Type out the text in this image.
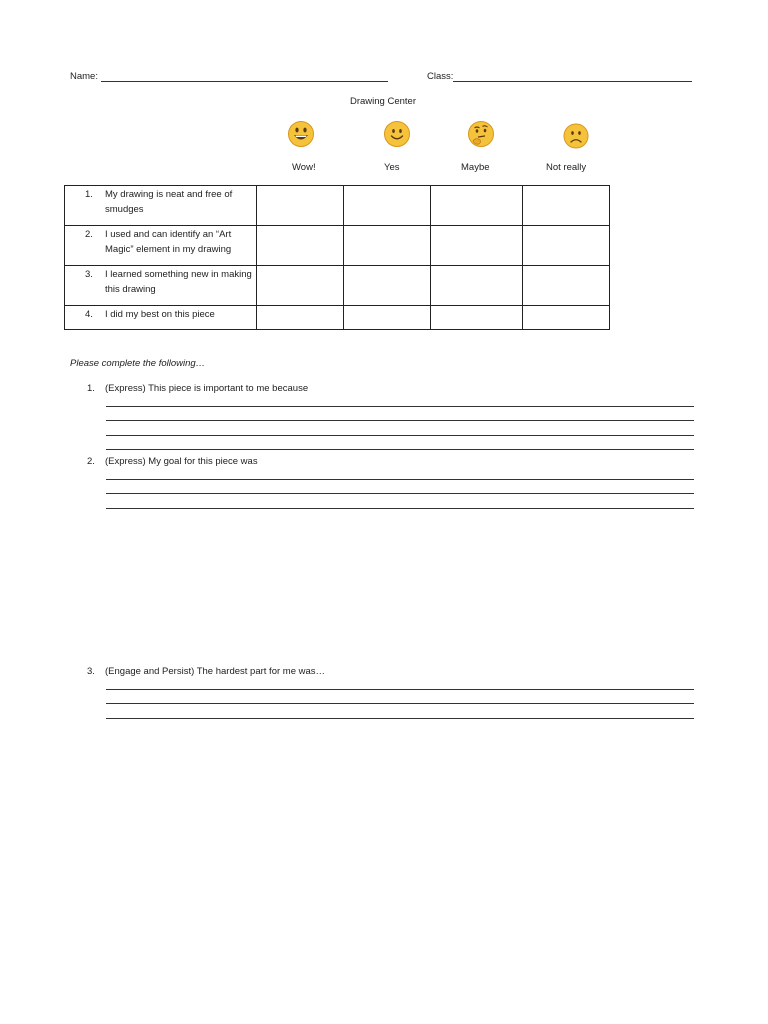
Name:	Class:
Drawing Center
Wow!	Yes	Maybe	Not really
1. My drawing is neat and free of smudges				

2. I used and can identify an “Art Magic” element in my drawing				

3. I learned something new in making this drawing				

4. I did my best on this piece				

Please complete the following…
1. (Express) This piece is important to me because
2. (Express) My goal for this piece was
3. (Engage and Persist) The hardest part for me was…
